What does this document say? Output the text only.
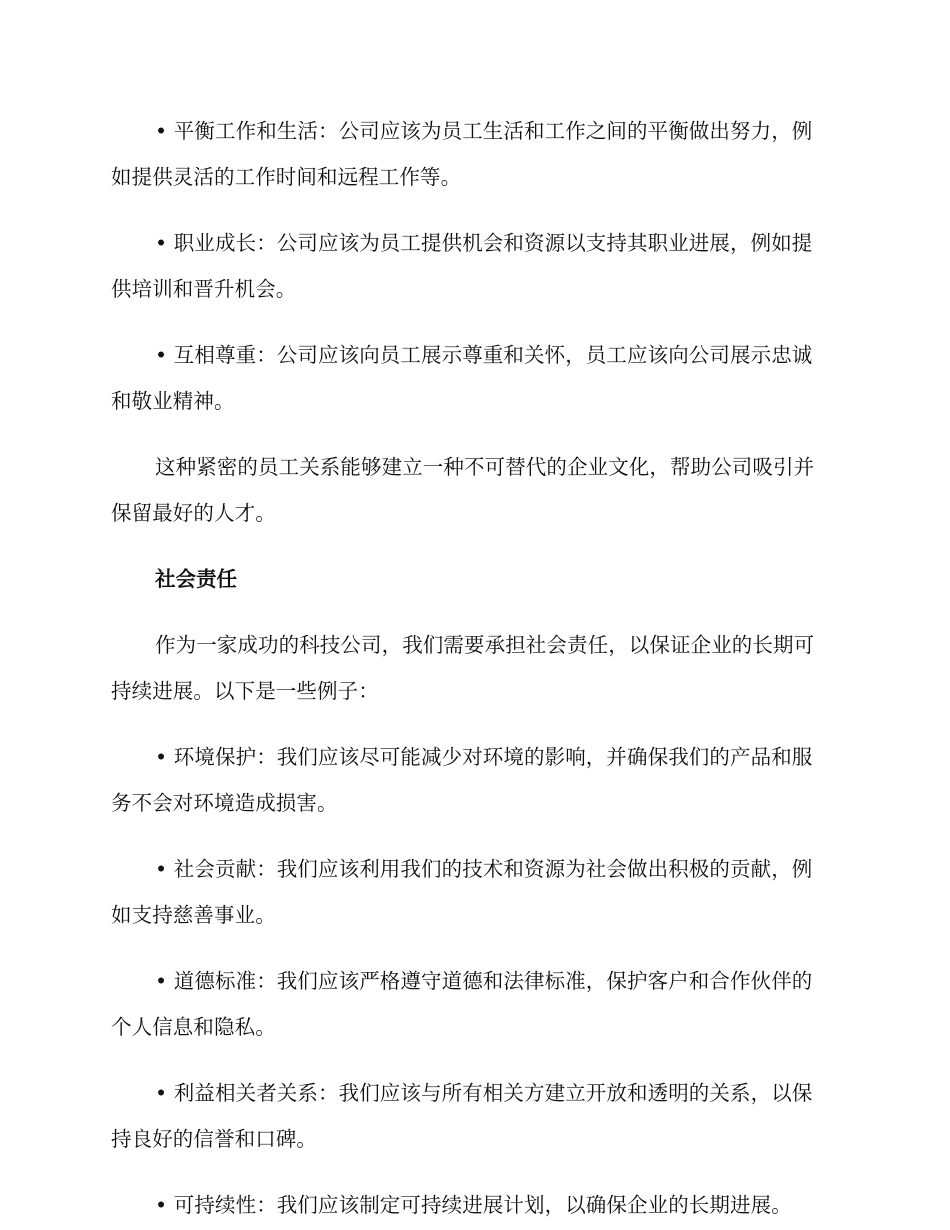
• 平衡工作和生活：公司应该为员工生活和工作之间的平衡做出努力，例如提供灵活的工作时间和远程工作等。

• 职业成长：公司应该为员工提供机会和资源以支持其职业进展，例如提供培训和晋升机会。

• 互相尊重：公司应该向员工展示尊重和关怀，员工应该向公司展示忠诚和敬业精神。

这种紧密的员工关系能够建立一种不可替代的企业文化，帮助公司吸引并保留最好的人才。

社会责任

作为一家成功的科技公司，我们需要承担社会责任，以保证企业的长期可持续进展。以下是一些例子：

• 环境保护：我们应该尽可能减少对环境的影响，并确保我们的产品和服务不会对环境造成损害。

• 社会贡献：我们应该利用我们的技术和资源为社会做出积极的贡献，例如支持慈善事业。

• 道德标准：我们应该严格遵守道德和法律标准，保护客户和合作伙伴的个人信息和隐私。

• 利益相关者关系：我们应该与所有相关方建立开放和透明的关系，以保持良好的信誉和口碑。

• 可持续性：我们应该制定可持续进展计划，以确保企业的长期进展。
